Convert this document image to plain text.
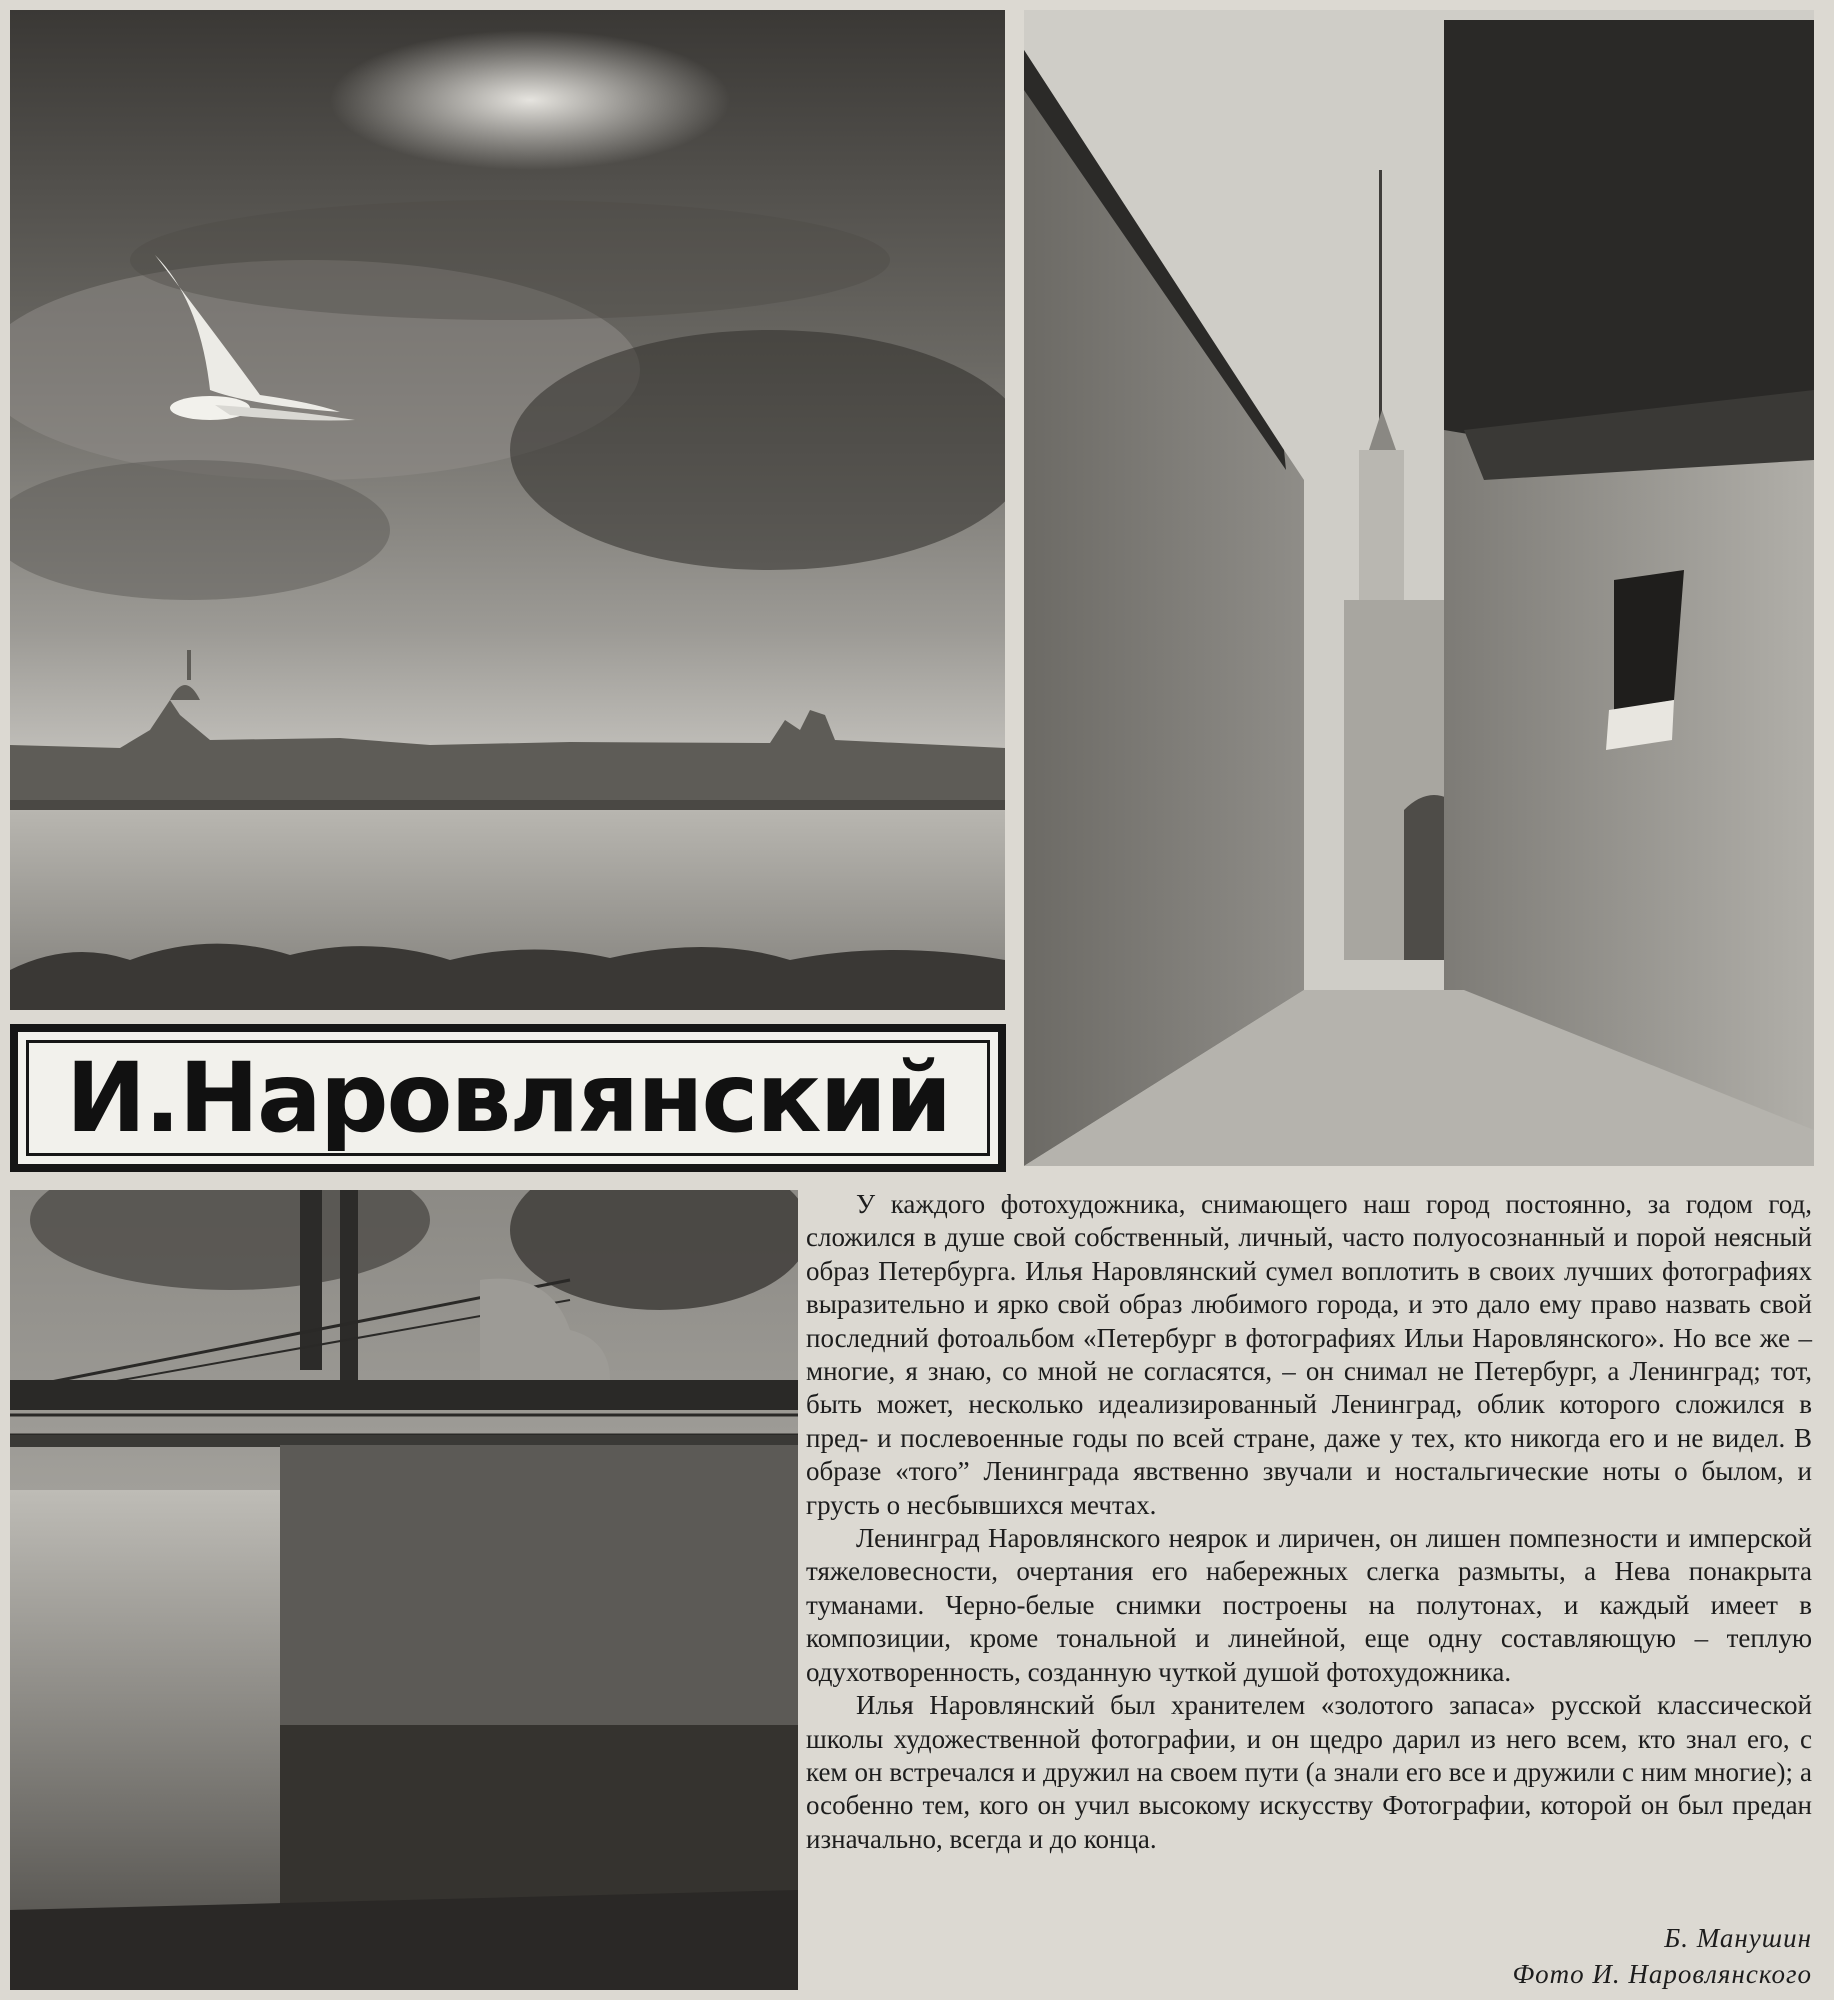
И.Наровлянский

У каждого фотохудожника, снимающего наш город постоянно, за годом год, сложился в душе свой собственный, личный, часто полуосознанный и порой неясный образ Петербурга. Илья Наровлянский сумел воплотить в своих лучших фотографиях выразительно и ярко свой образ любимого города, и это дало ему право назвать свой последний фотоальбом «Петербург в фотографиях Ильи Наровлянского». Но все же – многие, я знаю, со мной не согласятся, – он снимал не Петербург, а Ленинград; тот, быть может, несколько идеализированный Ленинград, облик которого сложился в пред- и послевоенные годы по всей стране, даже у тех, кто никогда его и не видел. В образе «того” Ленинграда явственно звучали и ностальгические ноты о былом, и грусть о несбывшихся мечтах.

Ленинград Наровлянского неярок и лиричен, он лишен помпезности и имперской тяжеловесности, очертания его набережных слегка размыты, а Нева понакрыта туманами. Черно-белые снимки построены на полутонах, и каждый имеет в композиции, кроме тональной и линейной, еще одну составляющую – теплую одухотворенность, созданную чуткой душой фотохудожника.

Илья Наровлянский был хранителем «золотого запаса» русской классической школы художественной фотографии, и он щедро дарил из него всем, кто знал его, с кем он встречался и дружил на своем пути (а знали его все и дружили с ним многие); а особенно тем, кого он учил высокому искусству Фотографии, которой он был предан изначально, всегда и до конца.

Б. Манушин
Фото И. Наровлянского
